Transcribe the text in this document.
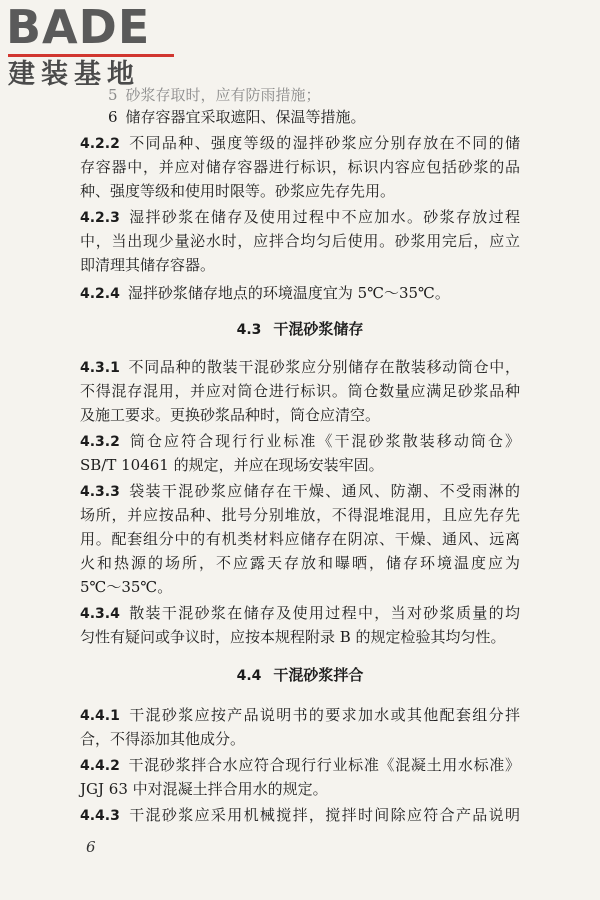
BADE
建装基地
5 砂浆存取时，应有防雨措施；
6 储存容器宜采取遮阳、保温等措施。
4.2.2 不同品种、强度等级的湿拌砂浆应分别存放在不同的储
存容器中，并应对储存容器进行标识，标识内容应包括砂浆的品
种、强度等级和使用时限等。砂浆应先存先用。
4.2.3 湿拌砂浆在储存及使用过程中不应加水。砂浆存放过程
中，当出现少量泌水时，应拌合均匀后使用。砂浆用完后，应立
即清理其储存容器。
4.2.4 湿拌砂浆储存地点的环境温度宜为 5℃～35℃。
4.3 干混砂浆储存
4.3.1 不同品种的散装干混砂浆应分别储存在散装移动筒仓中，
不得混存混用，并应对筒仓进行标识。筒仓数量应满足砂浆品种
及施工要求。更换砂浆品种时，筒仓应清空。
4.3.2 筒仓应符合现行行业标准《干混砂浆散装移动筒仓》
SB/T 10461 的规定，并应在现场安装牢固。
4.3.3 袋装干混砂浆应储存在干燥、通风、防潮、不受雨淋的
场所，并应按品种、批号分别堆放，不得混堆混用，且应先存先
用。配套组分中的有机类材料应储存在阴凉、干燥、通风、远离
火和热源的场所，不应露天存放和曝晒，储存环境温度应为
5℃～35℃。
4.3.4 散装干混砂浆在储存及使用过程中，当对砂浆质量的均
匀性有疑问或争议时，应按本规程附录 B 的规定检验其均匀性。
4.4 干混砂浆拌合
4.4.1 干混砂浆应按产品说明书的要求加水或其他配套组分拌
合，不得添加其他成分。
4.4.2 干混砂浆拌合水应符合现行行业标准《混凝土用水标准》
JGJ 63 中对混凝土拌合用水的规定。
4.4.3 干混砂浆应采用机械搅拌，搅拌时间除应符合产品说明
6
